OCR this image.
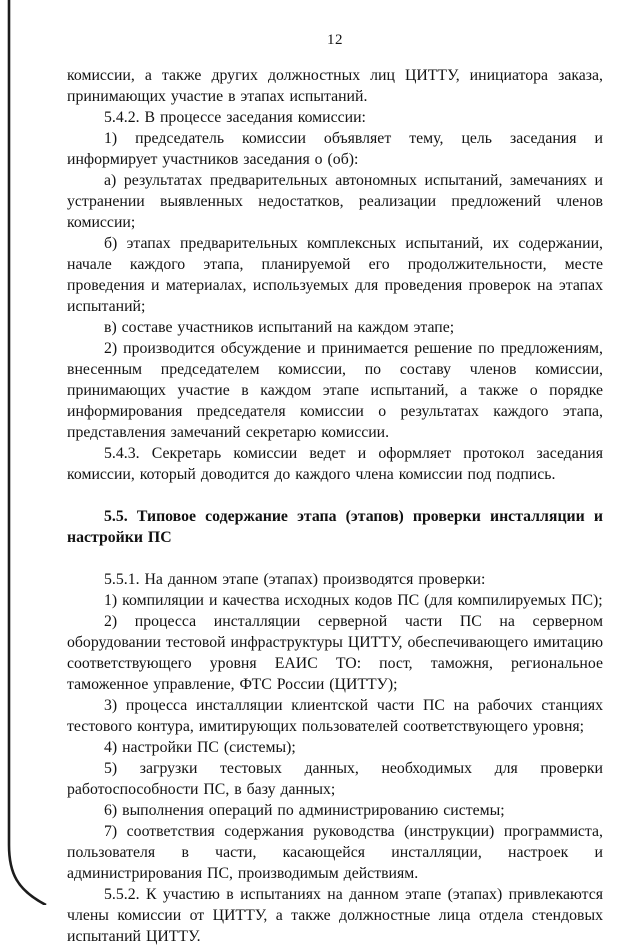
12

комиссии, а также других должностных лиц ЦИТТУ, инициатора заказа, принимающих участие в этапах испытаний.

5.4.2. В процессе заседания комиссии:

1) председатель комиссии объявляет тему, цель заседания и информирует участников заседания о (об):

а) результатах предварительных автономных испытаний, замечаниях и устранении выявленных недостатков, реализации предложений членов комиссии;

б) этапах предварительных комплексных испытаний, их содержании, начале каждого этапа, планируемой его продолжительности, месте проведения и материалах, используемых для проведения проверок на этапах испытаний;

в) составе участников испытаний на каждом этапе;

2) производится обсуждение и принимается решение по предложениям, внесенным председателем комиссии, по составу членов комиссии, принимающих участие в каждом этапе испытаний, а также о порядке информирования председателя комиссии о результатах каждого этапа, представления замечаний секретарю комиссии.

5.4.3. Секретарь комиссии ведет и оформляет протокол заседания комиссии, который доводится до каждого члена комиссии под подпись.

5.5. Типовое содержание этапа (этапов) проверки инсталляции и настройки ПС

5.5.1. На данном этапе (этапах) производятся проверки:

1) компиляции и качества исходных кодов ПС (для компилируемых ПС);

2) процесса инсталляции серверной части ПС на серверном оборудовании тестовой инфраструктуры ЦИТТУ, обеспечивающего имитацию соответствующего уровня ЕАИС ТО: пост, таможня, региональное таможенное управление, ФТС России (ЦИТТУ);

3) процесса инсталляции клиентской части ПС на рабочих станциях тестового контура, имитирующих пользователей соответствующего уровня;

4) настройки ПС (системы);

5) загрузки тестовых данных, необходимых для проверки работоспособности ПС, в базу данных;

6) выполнения операций по администрированию системы;

7) соответствия содержания руководства (инструкции) программиста, пользователя в части, касающейся инсталляции, настроек и администрирования ПС, производимым действиям.

5.5.2. К участию в испытаниях на данном этапе (этапах) привлекаются члены комиссии от ЦИТТУ, а также должностные лица отдела стендовых испытаний ЦИТТУ.
